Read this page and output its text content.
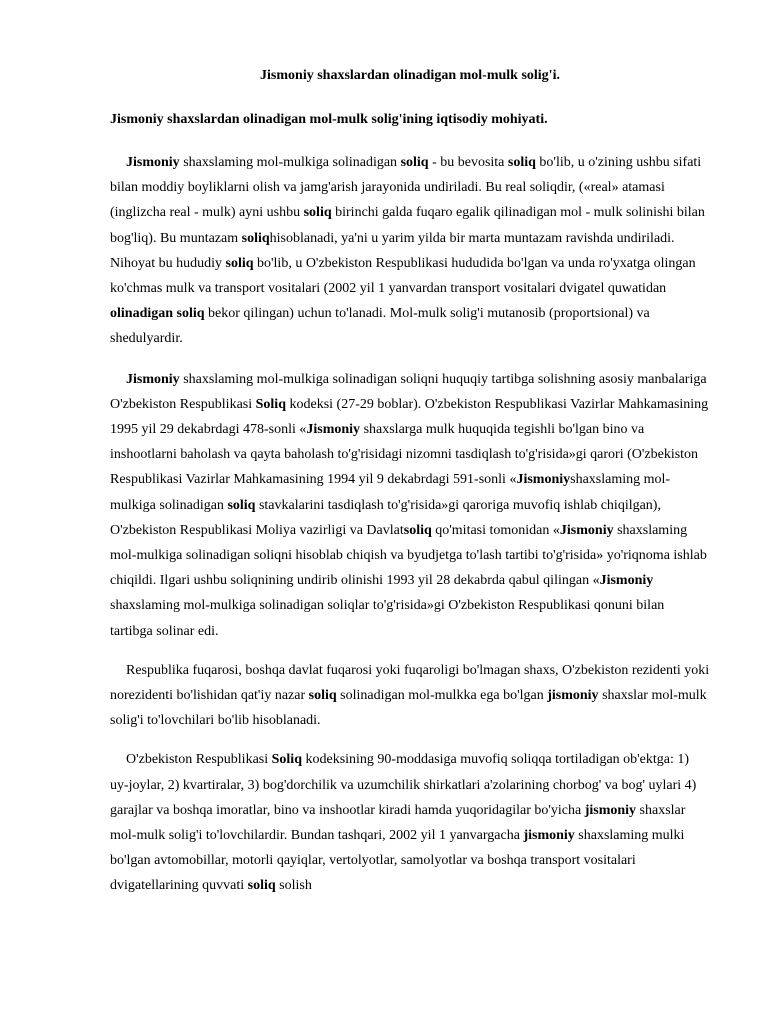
Jismoniy shaxslardan olinadigan mol-mulk solig'i.

Jismoniy shaxslardan olinadigan mol-mulk solig'ining iqtisodiy mohiyati.

Jismoniy shaxslaming mol-mulkiga solinadigan soliq - bu bevosita soliq bo'lib, u o'zining ushbu sifati bilan moddiy boyliklarni olish va jamg'arish jarayonida undiriladi. Bu real soliqdir, («real» atamasi (inglizcha real - mulk) ayni ushbu soliq birinchi galda fuqaro egalik qilinadigan mol - mulk solinishi bilan bog'liq). Bu muntazam soliqhisoblanadi, ya'ni u yarim yilda bir marta muntazam ravishda undiriladi. Nihoyat bu hududiy soliq bo'lib, u O'zbekiston Respublikasi hududida bo'lgan va unda ro'yxatga olingan ko'chmas mulk va transport vositalari (2002 yil 1 yanvardan transport vositalari dvigatel quwatidan olinadigan soliq bekor qilingan) uchun to'lanadi. Mol-mulk solig'i mutanosib (proportsional) va shedulyardir.

Jismoniy shaxslaming mol-mulkiga solinadigan soliqni huquqiy tartibga solishning asosiy manbalariga O'zbekiston Respublikasi Soliq kodeksi (27-29 boblar). O'zbekiston Respublikasi Vazirlar Mahkamasining 1995 yil 29 dekabrdagi 478-sonli «Jismoniy shaxslarga mulk huquqida tegishli bo'lgan bino va inshootlarni baholash va qayta baholash to'g'risidagi nizomni tasdiqlash to'g'risida»gi qarori (O'zbekiston Respublikasi Vazirlar Mahkamasining 1994 yil 9 dekabrdagi 591-sonli «Jismoniyshaxslaming mol-mulkiga solinadigan soliq stavkalarini tasdiqlash to'g'risida»gi qaroriga muvofiq ishlab chiqilgan), O'zbekiston Respublikasi Moliya vazirligi va Davlatsoliq qo'mitasi tomonidan «Jismoniy shaxslaming mol-mulkiga solinadigan soliqni hisoblab chiqish va byudjetga to'lash tartibi to'g'risida» yo'riqnoma ishlab chiqildi. Ilgari ushbu soliqnining undirib olinishi 1993 yil 28 dekabrda qabul qilingan «Jismoniy shaxslaming mol-mulkiga solinadigan soliqlar to'g'risida»gi O'zbekiston Respublikasi qonuni bilan tartibga solinar edi.

Respublika fuqarosi, boshqa davlat fuqarosi yoki fuqaroligi bo'lmagan shaxs, O'zbekiston rezidenti yoki norezidenti bo'lishidan qat'iy nazar soliq solinadigan mol-mulkka ega bo'lgan jismoniy shaxslar mol-mulk solig'i to'lovchilari bo'lib hisoblanadi.

O'zbekiston Respublikasi Soliq kodeksining 90-moddasiga muvofiq soliqqa tortiladigan ob'ektga: 1) uy-joylar, 2) kvartiralar, 3) bog'dorchilik va uzumchilik shirkatlari a'zolarining chorbog' va bog' uylari 4) garajlar va boshqa imoratlar, bino va inshootlar kiradi hamda yuqoridagilar bo'yicha jismoniy shaxslar mol-mulk solig'i to'lovchilardir. Bundan tashqari, 2002 yil 1 yanvargacha jismoniy shaxslaming mulki bo'lgan avtomobillar, motorli qayiqlar, vertolyotlar, samolyotlar va boshqa transport vositalari dvigatellarining quvvati soliq solish
